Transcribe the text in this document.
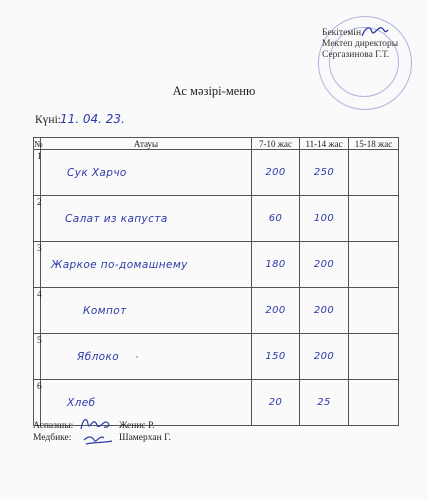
Бекітемін
Мектеп директоры
Сергазинова Г.Т.
Ас мәзірі-меню
Күні: 11. 04. 23.
№	Атауы	7-10 жас	11-14 жас	15-18 жас
1	Сук Харчо	200	250	

2	Салат из капуста	60	100	

3	Жаркое по-домашнему	180	200	

4	Компот	200	200	

5	Яблоко	150	200	

6	Хлеб	20	25	

Аспазшы:	Женис Р.
Медбике:	Шамерхан Г.
